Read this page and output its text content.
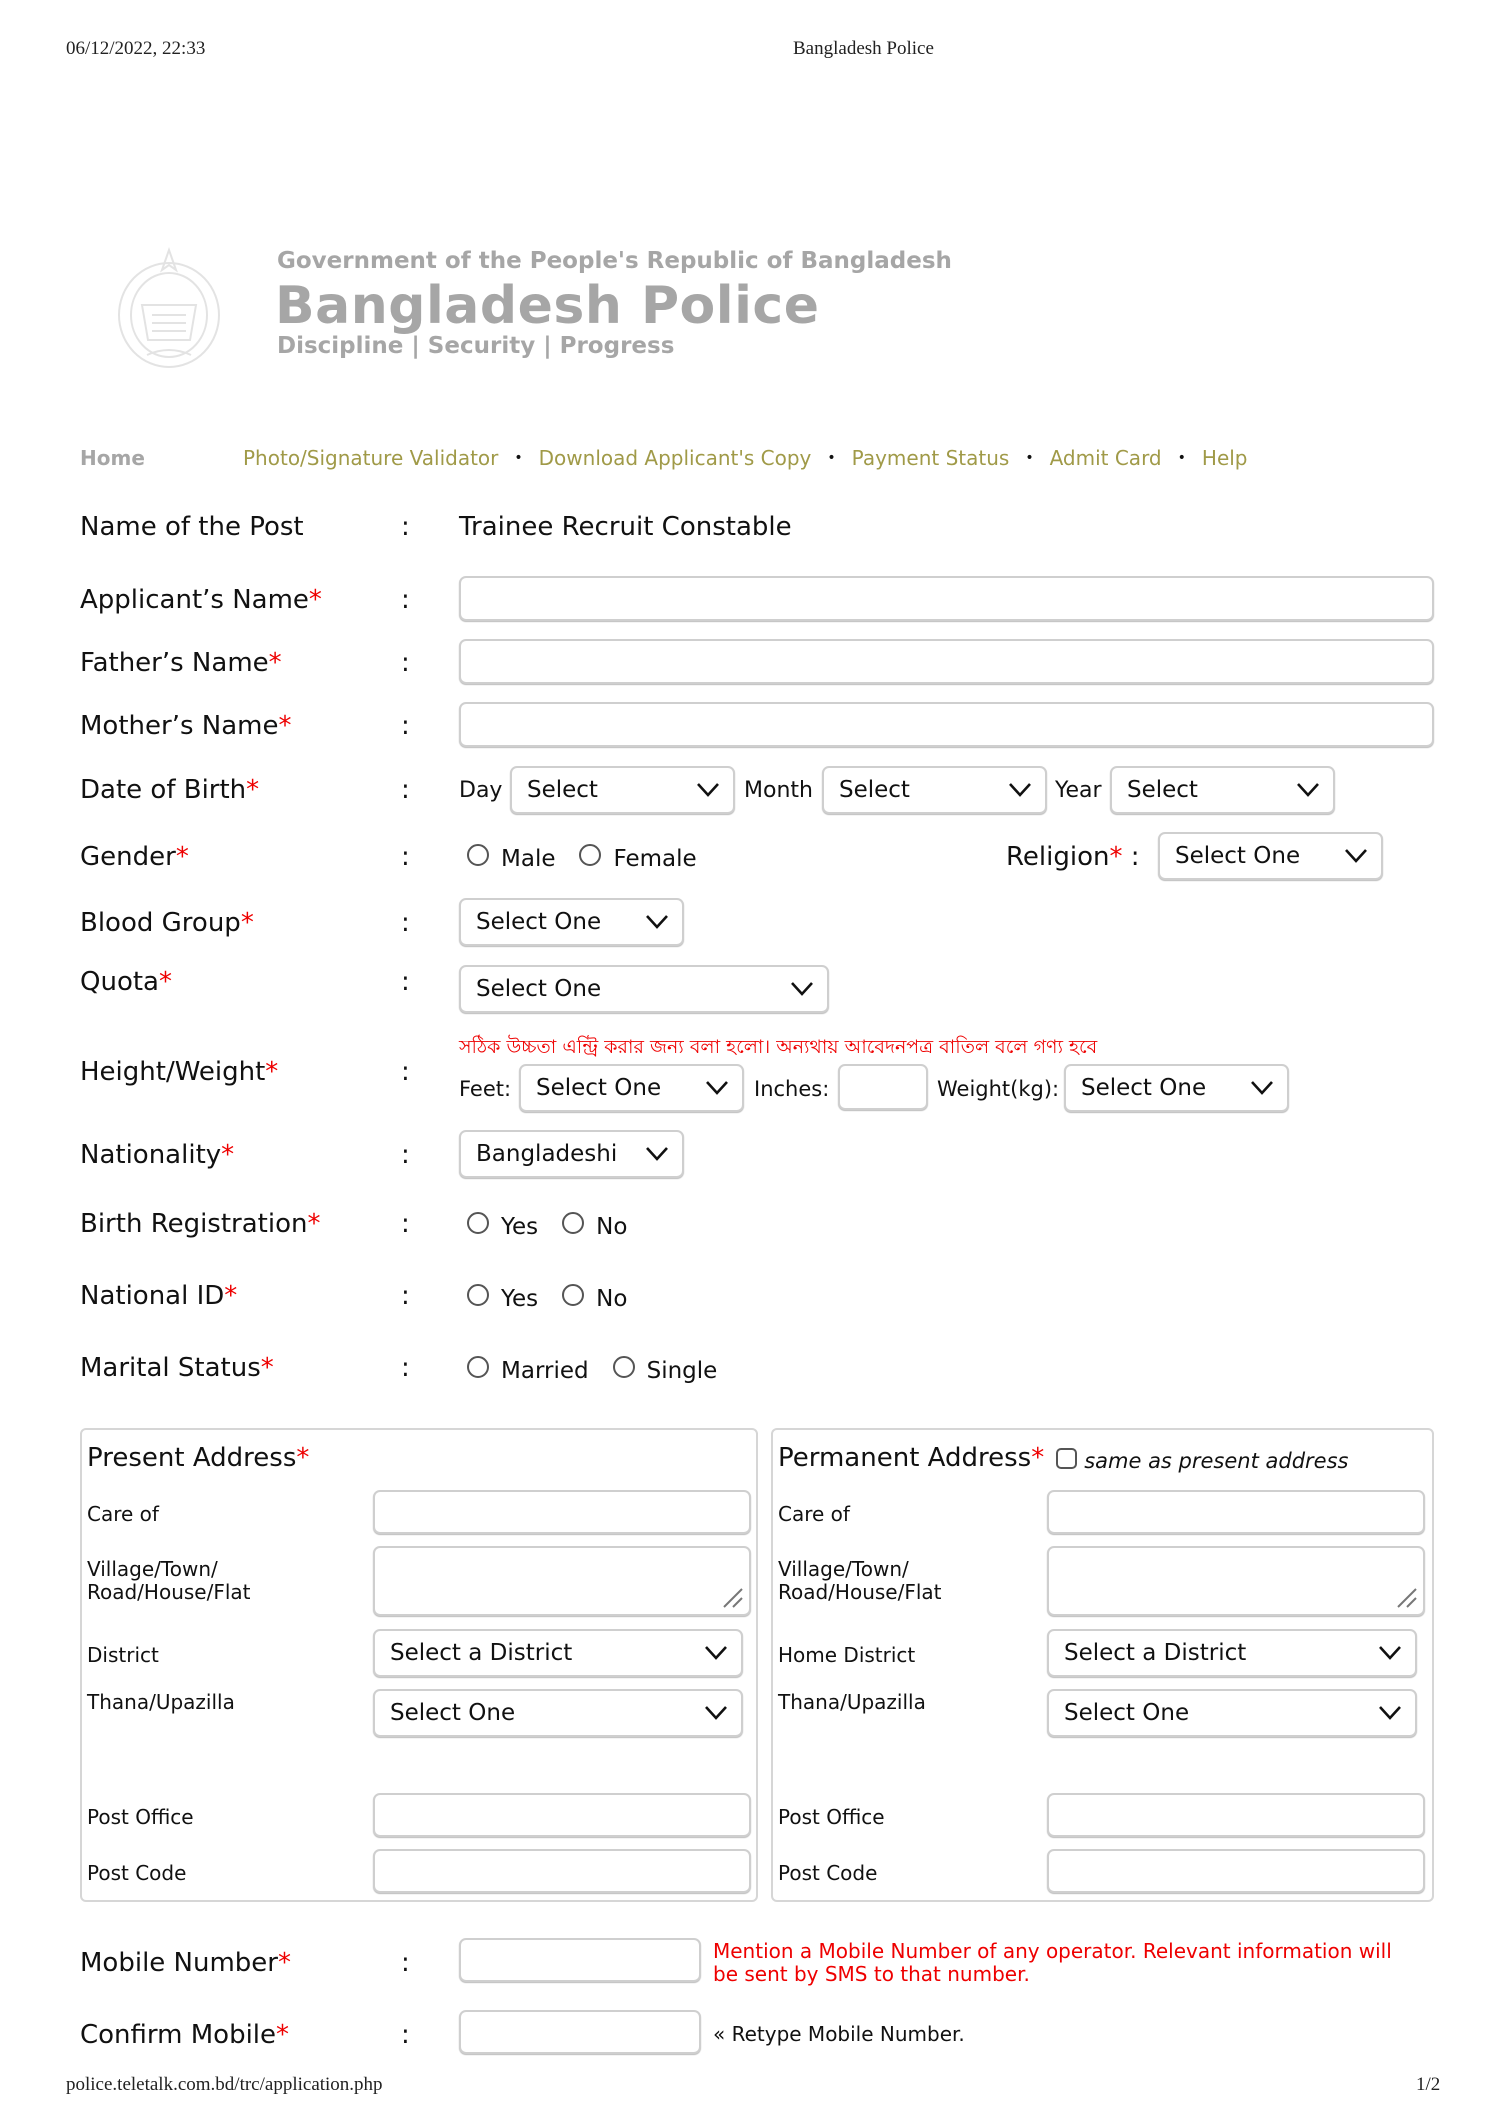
06/12/2022, 22:33	Bangladesh Police
Government of the People's Republic of Bangladesh
Bangladesh Police
Discipline | Security | Progress
Home	Photo/Signature Validator • Download Applicant's Copy • Payment Status • Admit Card • Help
Name of the Post	: Trainee Recruit Constable
Applicant’s Name*	:
Father’s Name*	:
Mother’s Name*	:
Date of Birth*	: Day Select	Month Select	Year Select
Gender*	:	Male	Female	Religion* : Select One
Blood Group*	:	Select One
Quota*	:	Select One
সঠিক উচ্চতা এন্ট্রি করার জন্য বলা হলো। অন্যথায় আবেদনপত্র বাতিল বলে গণ্য হবে
Height/Weight*	:
Feet: Select One	Inches:	Weight(kg): Select One
Nationality*	:	Bangladeshi
Birth Registration*	:	Yes	No
National ID*	:	Yes	No
Marital Status*	:	Married	Single
Present Address*
Care of
Village/Town/
Road/House/Flat
District	Select a District
Thana/Upazilla	Select One
Post Office
Post Code
Permanent Address * same as present address
Care of
Village/Town/
Road/House/Flat
Home District	Select a District
Thana/Upazilla	Select One
Post Office
Post Code
Mobile Number*	:	Mention a Mobile Number of any operator. Relevant information will be sent by SMS to that number.
Confirm Mobile*	:	« Retype Mobile Number.
police.teletalk.com.bd/trc/application.php	1/2
